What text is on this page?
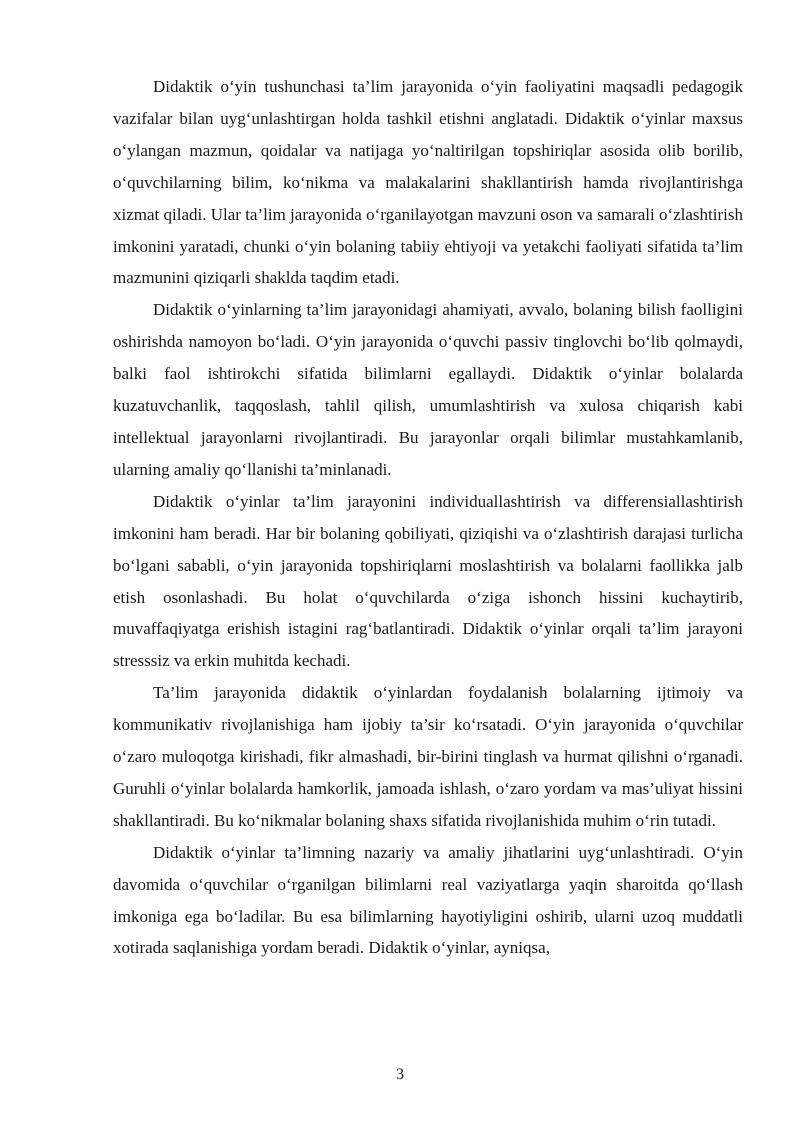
Didaktik o‘yin tushunchasi ta’lim jarayonida o‘yin faoliyatini maqsadli pedagogik vazifalar bilan uyg‘unlashtirgan holda tashkil etishni anglatadi. Didaktik o‘yinlar maxsus o‘ylangan mazmun, qoidalar va natijaga yo‘naltirilgan topshiriqlar asosida olib borilib, o‘quvchilarning bilim, ko‘nikma va malakalarini shakllantirish hamda rivojlantirishga xizmat qiladi. Ular ta’lim jarayonida o‘rganilayotgan mavzuni oson va samarali o‘zlashtirish imkonini yaratadi, chunki o‘yin bolaning tabiiy ehtiyoji va yetakchi faoliyati sifatida ta’lim mazmunini qiziqarli shaklda taqdim etadi.

Didaktik o‘yinlarning ta’lim jarayonidagi ahamiyati, avvalo, bolaning bilish faolligini oshirishda namoyon bo‘ladi. O‘yin jarayonida o‘quvchi passiv tinglovchi bo‘lib qolmaydi, balki faol ishtirokchi sifatida bilimlarni egallaydi. Didaktik o‘yinlar bolalarda kuzatuvchanlik, taqqoslash, tahlil qilish, umumlashtirish va xulosa chiqarish kabi intellektual jarayonlarni rivojlantiradi. Bu jarayonlar orqali bilimlar mustahkamlanib, ularning amaliy qo‘llanishi ta’minlanadi.

Didaktik o‘yinlar ta’lim jarayonini individuallashtirish va differensiallashtirish imkonini ham beradi. Har bir bolaning qobiliyati, qiziqishi va o‘zlashtirish darajasi turlicha bo‘lgani sababli, o‘yin jarayonida topshiriqlarni moslashtirish va bolalarni faollikka jalb etish osonlashadi. Bu holat o‘quvchilarda o‘ziga ishonch hissini kuchaytirib, muvaffaqiyatga erishish istagini rag‘batlantiradi. Didaktik o‘yinlar orqali ta’lim jarayoni stresssiz va erkin muhitda kechadi.

Ta’lim jarayonida didaktik o‘yinlardan foydalanish bolalarning ijtimoiy va kommunikativ rivojlanishiga ham ijobiy ta’sir ko‘rsatadi. O‘yin jarayonida o‘quvchilar o‘zaro muloqotga kirishadi, fikr almashadi, bir-birini tinglash va hurmat qilishni o‘rganadi. Guruhli o‘yinlar bolalarda hamkorlik, jamoada ishlash, o‘zaro yordam va mas’uliyat hissini shakllantiradi. Bu ko‘nikmalar bolaning shaxs sifatida rivojlanishida muhim o‘rin tutadi.

Didaktik o‘yinlar ta’limning nazariy va amaliy jihatlarini uyg‘unlashtiradi. O‘yin davomida o‘quvchilar o‘rganilgan bilimlarni real vaziyatlarga yaqin sharoitda qo‘llash imkoniga ega bo‘ladilar. Bu esa bilimlarning hayotiyligini oshirib, ularni uzoq muddatli xotirada saqlanishiga yordam beradi. Didaktik o‘yinlar, ayniqsa,

3
